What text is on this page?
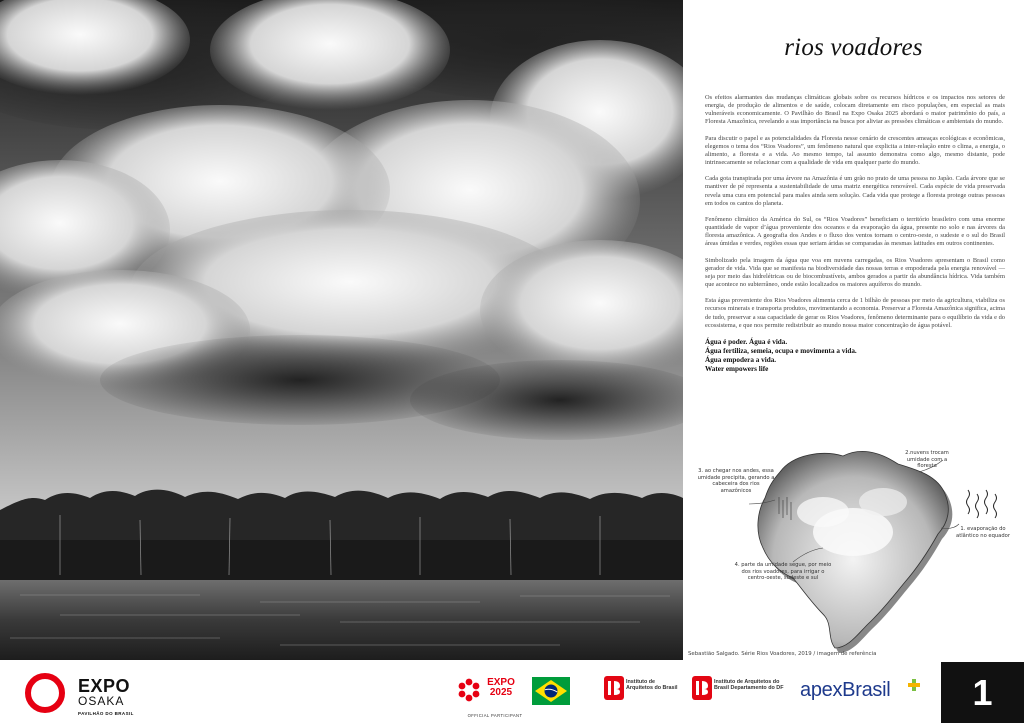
rios voadores

Os efeitos alarmantes das mudanças climáticas globais sobre os recursos hídricos e os impactos nos setores de energia, de produção de alimentos e de saúde, colocam diretamente em risco populações, em especial as mais vulneráveis economicamente. O Pavilhão do Brasil na Expo Osaka 2025 abordará o maior patrimônio do país, a Floresta Amazônica, revelando a sua importância na busca por aliviar as pressões climáticas e ambientais do mundo.

Para discutir o papel e as potencialidades da Floresta nesse cenário de crescentes ameaças ecológicas e econômicas, elegemos o tema dos “Rios Voadores”, um fenômeno natural que explicita a inter-relação entre o clima, a energia, o alimento, a floresta e a vida. Ao mesmo tempo, tal assunto demonstra como algo, mesmo distante, pode intrinsecamente se relacionar com a qualidade de vida em qualquer parte do mundo.

Cada gota transpirada por uma árvore na Amazônia é um grão no prato de uma pessoa no Japão. Cada árvore que se mantiver de pé representa a sustentabilidade de uma matriz energética renovável. Cada espécie de vida preservada revela uma cura em potencial para males ainda sem solução. Cada vida que protege a floresta protege outras pessoas em todos os cantos do planeta.

Fenômeno climático da América do Sul, os “Rios Voadores” beneficiam o território brasileiro com uma enorme quantidade de vapor d’água proveniente dos oceanos e da evaporação da água, presente no solo e nas árvores da floresta amazônica. A geografia dos Andes e o fluxo dos ventos tornam o centro-oeste, o sudeste e o sul do Brasil áreas úmidas e verdes, regiões essas que seriam áridas se comparadas às mesmas latitudes em outros continentes.

Simbolizado pela imagem da água que voa em nuvens carregadas, os Rios Voadores apresentam o Brasil como gerador de vida. Vida que se manifesta na biodiversidade das nossas terras e empoderada pela energia renovável — seja por meio das hidrelétricas ou de biocombustíveis, ambos gerados a partir da abundância hídrica. Vida também que acontece no subterrâneo, onde estão localizados os maiores aquíferos do mundo.

Esta água proveniente dos Rios Voadores alimenta cerca de 1 bilhão de pessoas por meio da agricultura, viabiliza os recursos minerais e transporta produtos, movimentando a economia. Preservar a Floresta Amazônica significa, acima de tudo, preservar a sua capacidade de gerar os Rios Voadores, fenômeno determinante para o equilíbrio da vida e do ecossistema, e que nos permite redistribuir ao mundo nossa maior concentração de água potável.

Água é poder. Água é vida.
Água fertiliza, semeia, ocupa e movimenta a vida.
Água empodera a vida.
Water empowers life
3. ao chegar nos andes, essa umidade precipita, gerando a cabeceira dos rios amazônicos
2.nuvens trocam umidade com a floresta
1. evaporação do atlântico no equador
4. parte da umidade segue, por meio dos rios voadores, para irrigar o centro-oeste, sudeste e sul
Sebastião Salgado. Série Rios Voadores, 2019 / imagem de referência
EXPO
OSAKA
PAVILHÃO DO BRASIL
EXPO 2025
OFFICIAL PARTICIPANT
Instituto de Arquitetos do Brasil
Instituto de Arquitetos do Brasil Departamento do DF apexBrasil	1
